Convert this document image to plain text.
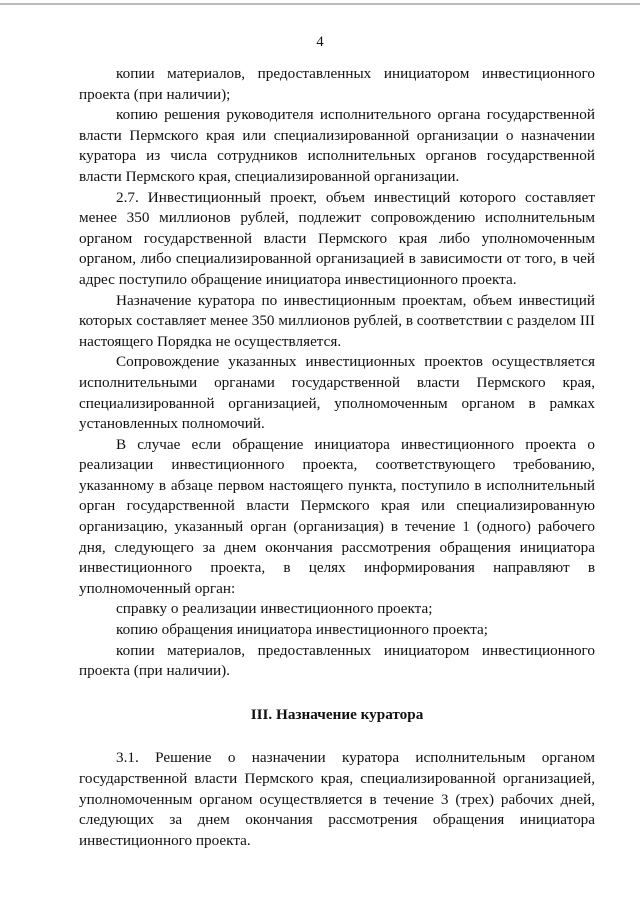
4

копии материалов, предоставленных инициатором инвестиционного проекта (при наличии);

копию решения руководителя исполнительного органа государственной власти Пермского края или специализированной организации о назначении куратора из числа сотрудников исполнительных органов государственной власти Пермского края, специализированной организации.

2.7. Инвестиционный проект, объем инвестиций которого составляет менее 350 миллионов рублей, подлежит сопровождению исполнительным органом государственной власти Пермского края либо уполномоченным органом, либо специализированной организацией в зависимости от того, в чей адрес поступило обращение инициатора инвестиционного проекта.

Назначение куратора по инвестиционным проектам, объем инвестиций которых составляет менее 350 миллионов рублей, в соответствии с разделом III настоящего Порядка не осуществляется.

Сопровождение указанных инвестиционных проектов осуществляется исполнительными органами государственной власти Пермского края, специализированной организацией, уполномоченным органом в рамках установленных полномочий.

В случае если обращение инициатора инвестиционного проекта о реализации инвестиционного проекта, соответствующего требованию, указанному в абзаце первом настоящего пункта, поступило в исполнительный орган государственной власти Пермского края или специализированную организацию, указанный орган (организация) в течение 1 (одного) рабочего дня, следующего за днем окончания рассмотрения обращения инициатора инвестиционного проекта, в целях информирования направляют в уполномоченный орган:

справку о реализации инвестиционного проекта;

копию обращения инициатора инвестиционного проекта;

копии материалов, предоставленных инициатором инвестиционного проекта (при наличии).

III. Назначение куратора

3.1. Решение о назначении куратора исполнительным органом государственной власти Пермского края, специализированной организацией, уполномоченным органом осуществляется в течение 3 (трех) рабочих дней, следующих за днем окончания рассмотрения обращения инициатора инвестиционного проекта.
